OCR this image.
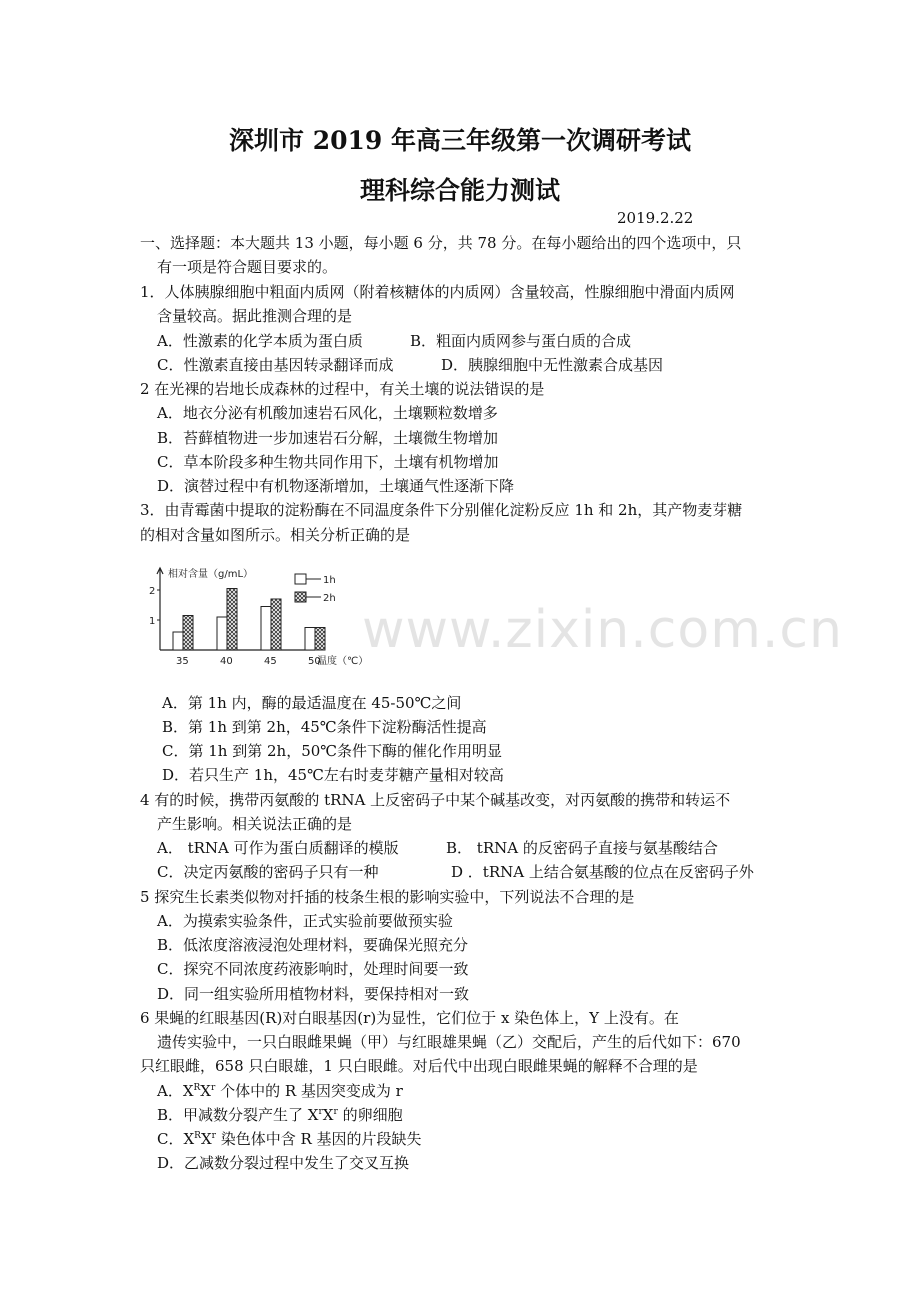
深圳市 2019 年高三年级第一次调研考试
理科综合能力测试
2019.2.22
一、选择题：本大题共 13 小题，每小题 6 分，共 78 分。在每小题给出的四个选项中，只
有一项是符合题目要求的。
1．人体胰腺细胞中粗面内质网（附着核糖体的内质网）含量较高，性腺细胞中滑面内质网
含量较高。据此推测合理的是
A．性激素的化学本质为蛋白质	B．粗面内质网参与蛋白质的合成
C．性激素直接由基因转录翻译而成	D．胰腺细胞中无性激素合成基因
2 在光裸的岩地长成森林的过程中，有关土壤的说法错误的是
A．地衣分泌有机酸加速岩石风化，土壤颗粒数增多
B．苔藓植物进一步加速岩石分解，土壤微生物增加
C．草本阶段多种生物共同作用下，土壤有机物增加
D．演替过程中有机物逐渐增加，土壤通气性逐渐下降
3．由青霉菌中提取的淀粉酶在不同温度条件下分别催化淀粉反应 1h 和 2h，其产物麦芽糖
的相对含量如图所示。相关分析正确的是
相对含量（g/mL）
温度（℃）
1
2
35	40	45	50
1h
2h
www.zixin.com.cn
A．第 1h 内，酶的最适温度在 45-50℃之间
B．第 1h 到第 2h，45℃条件下淀粉酶活性提高
C．第 1h 到第 2h，50℃条件下酶的催化作用明显
D．若只生产 1h，45℃左右时麦芽糖产量相对较高
4 有的时候，携带丙氨酸的 tRNA 上反密码子中某个碱基改变，对丙氨酸的携带和转运不
产生影响。相关说法正确的是
A． tRNA 可作为蛋白质翻译的模版	B． tRNA 的反密码子直接与氨基酸结合
C．决定丙氨酸的密码子只有一种	D ．tRNA 上结合氨基酸的位点在反密码子外
5 探究生长素类似物对扦插的枝条生根的影响实验中，下列说法不合理的是
A．为摸索实验条件，正式实验前要做预实验
B．低浓度溶液浸泡处理材料，要确保光照充分
C．探究不同浓度药液影响时，处理时间要一致
D．同一组实验所用植物材料，要保持相对一致
6 果蝇的红眼基因(R)对白眼基因(r)为显性，它们位于 x 染色体上，Y 上没有。在
遗传实验中，一只白眼雌果蝇（甲）与红眼雄果蝇（乙）交配后，产生的后代如下：670
只红眼雌，658 只白眼雄，1 只白眼雌。对后代中出现白眼雌果蝇的解释不合理的是
A．$X^RX^r$ 个体中的 R 基因突变成为 r
B．甲减数分裂产生了 $X^rX^r$ 的卵细胞
C．$X^RX^r$ 染色体中含 R 基因的片段缺失
D．乙减数分裂过程中发生了交叉互换
